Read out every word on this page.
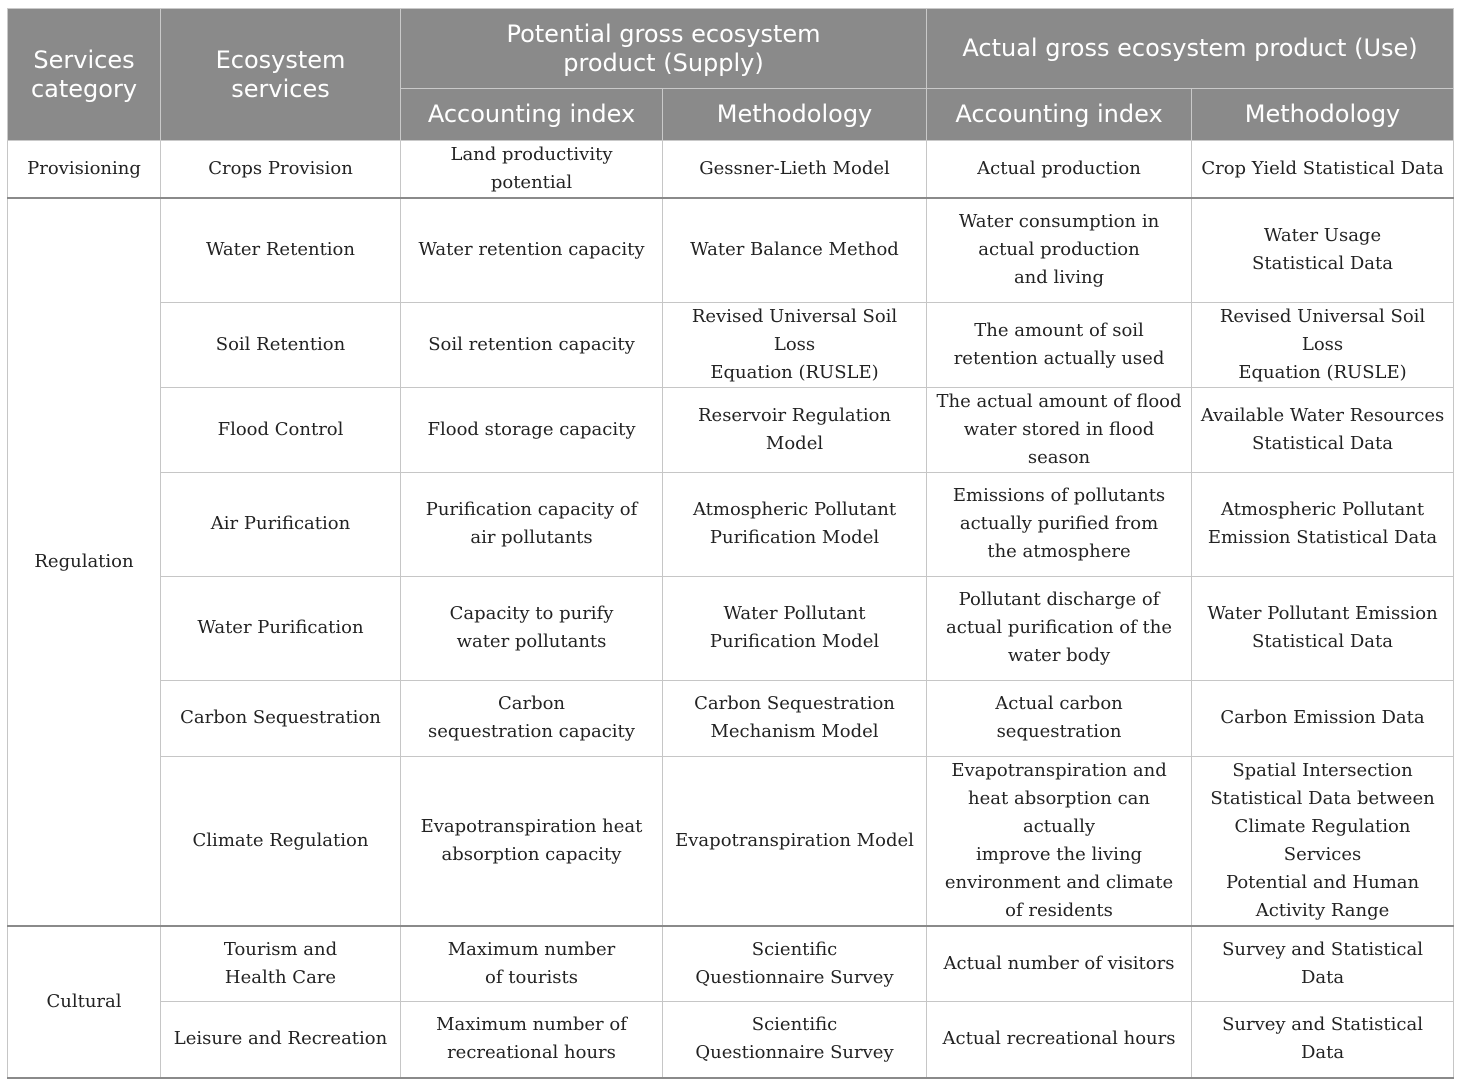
Services
category	Ecosystem
services	Potential gross ecosystem
product (Supply)		Actual gross ecosystem product (Use)	
		Accounting index	Methodology	Accounting index	Methodology
Provisioning	Crops Provision	Land productivity potential	Gessner-Lieth Model	Actual production	Crop Yield Statistical Data
Regulation	Water Retention	Water retention capacity	Water Balance Method	Water consumption in
actual production
and living	Water Usage
Statistical Data
	Soil Retention	Soil retention capacity	Revised Universal Soil Loss
Equation (RUSLE)	The amount of soil
retention actually used	Revised Universal Soil Loss
Equation (RUSLE)
	Flood Control	Flood storage capacity	Reservoir Regulation Model	The actual amount of flood
water stored in flood season	Available Water Resources
Statistical Data
	Air Purification	Purification capacity of
air pollutants	Atmospheric Pollutant
Purification Model	Emissions of pollutants
actually purified from
the atmosphere	Atmospheric Pollutant
Emission Statistical Data
	Water Purification	Capacity to purify
water pollutants	Water Pollutant
Purification Model	Pollutant discharge of
actual purification of the
water body	Water Pollutant Emission
Statistical Data
	Carbon Sequestration	Carbon
sequestration capacity	Carbon Sequestration
Mechanism Model	Actual carbon sequestration	Carbon Emission Data
	Climate Regulation	Evapotranspiration heat
absorption capacity	Evapotranspiration Model	Evapotranspiration and
heat absorption can actually
improve the living
environment and climate
of residents	Spatial Intersection
Statistical Data between
Climate Regulation Services
Potential and Human
Activity Range
Cultural	Tourism and
Health Care	Maximum number
of tourists	Scientific
Questionnaire Survey	Actual number of visitors	Survey and Statistical Data
	Leisure and Recreation	Maximum number of
recreational hours	Scientific
Questionnaire Survey	Actual recreational hours	Survey and Statistical Data
